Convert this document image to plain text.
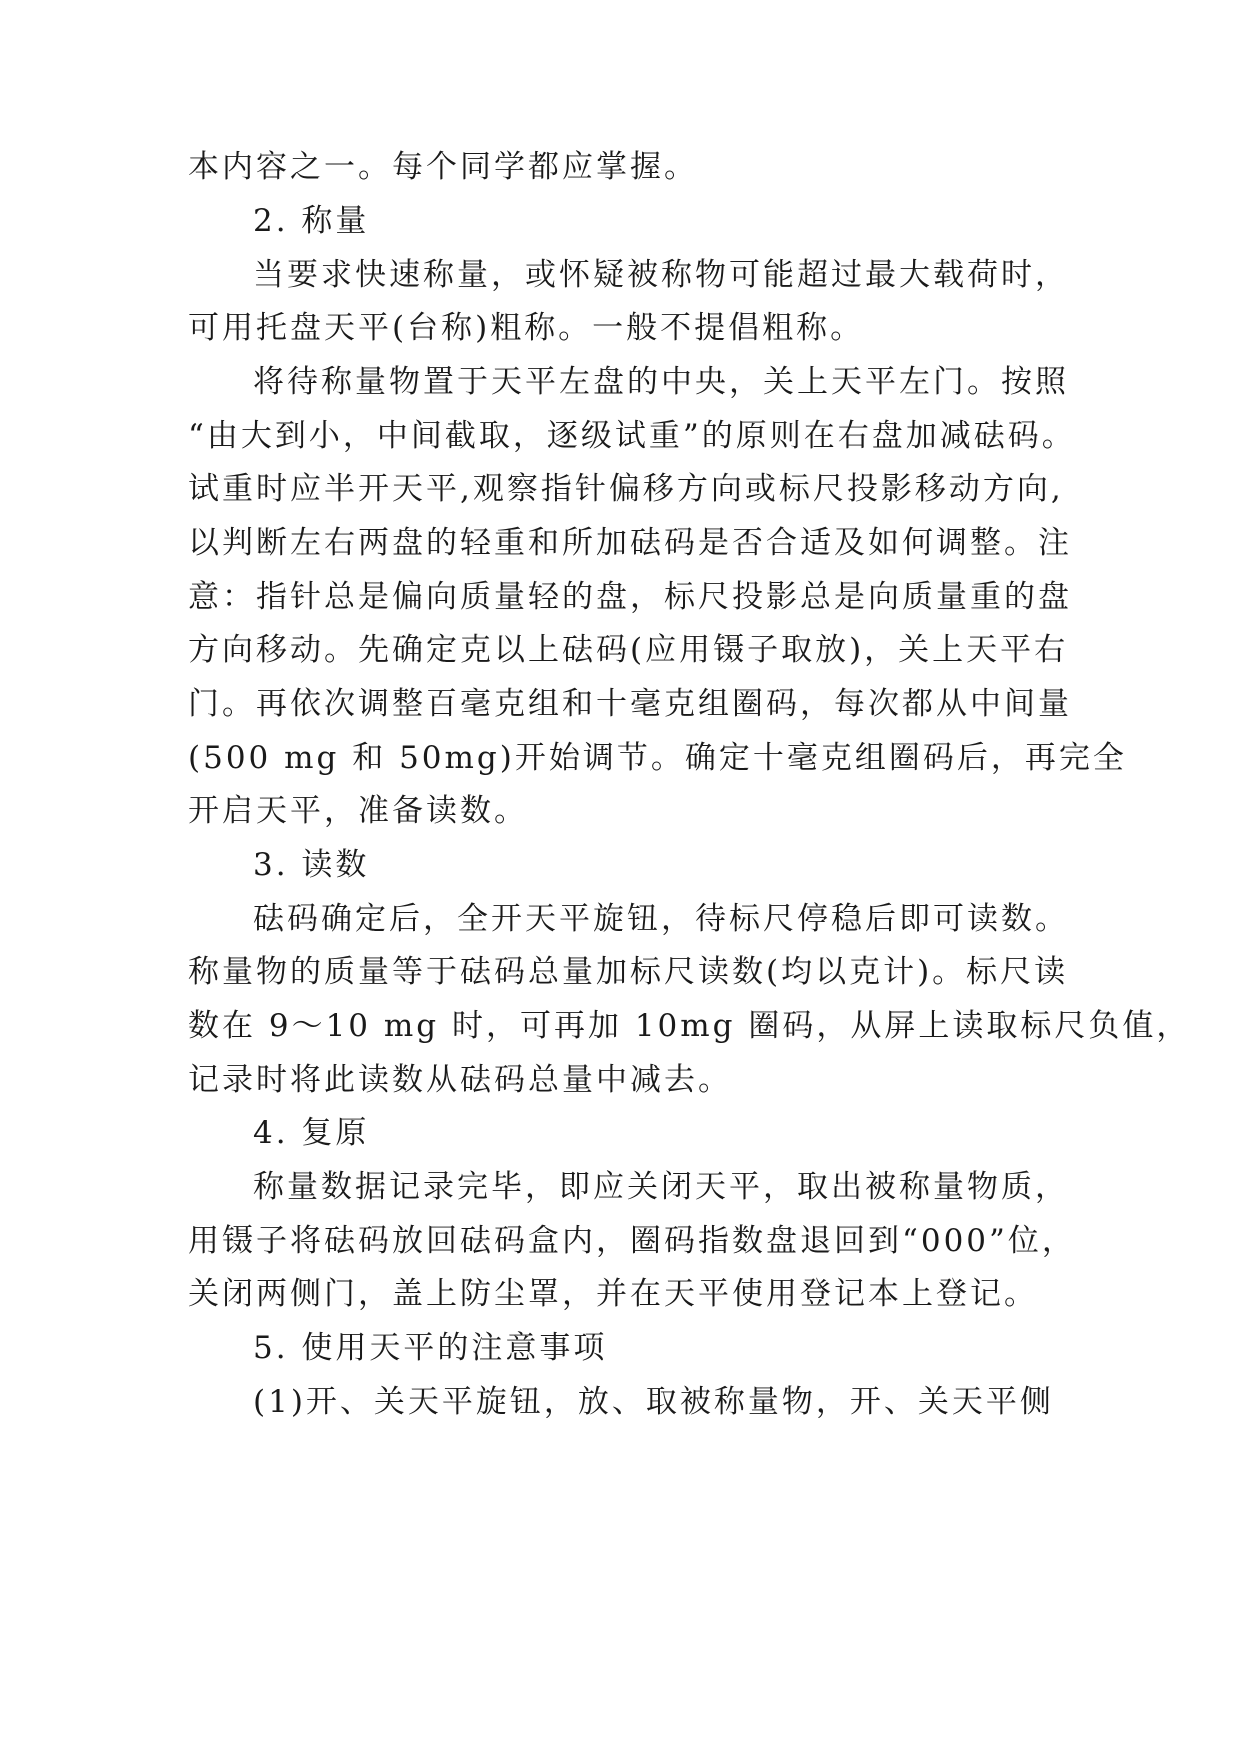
本内容之一。每个同学都应掌握。
2. 称量
当要求快速称量，或怀疑被称物可能超过最大载荷时，
可用托盘天平(台称)粗称。一般不提倡粗称。
将待称量物置于天平左盘的中央，关上天平左门。按照
“由大到小，中间截取，逐级试重”的原则在右盘加减砝码。
试重时应半开天平,观察指针偏移方向或标尺投影移动方向,
以判断左右两盘的轻重和所加砝码是否合适及如何调整。注
意：指针总是偏向质量轻的盘，标尺投影总是向质量重的盘
方向移动。先确定克以上砝码(应用镊子取放)，关上天平右
门。再依次调整百毫克组和十毫克组圈码，每次都从中间量
(500 mg 和 50mg)开始调节。确定十毫克组圈码后，再完全
开启天平，准备读数。
3. 读数
砝码确定后，全开天平旋钮，待标尺停稳后即可读数。
称量物的质量等于砝码总量加标尺读数(均以克计)。标尺读
数在 9～10 mg 时，可再加 10mg 圈码，从屏上读取标尺负值，
记录时将此读数从砝码总量中减去。
4. 复原
称量数据记录完毕，即应关闭天平，取出被称量物质，
用镊子将砝码放回砝码盒内，圈码指数盘退回到“000”位，
关闭两侧门，盖上防尘罩，并在天平使用登记本上登记。
5. 使用天平的注意事项
(1)开、关天平旋钮，放、取被称量物，开、关天平侧
